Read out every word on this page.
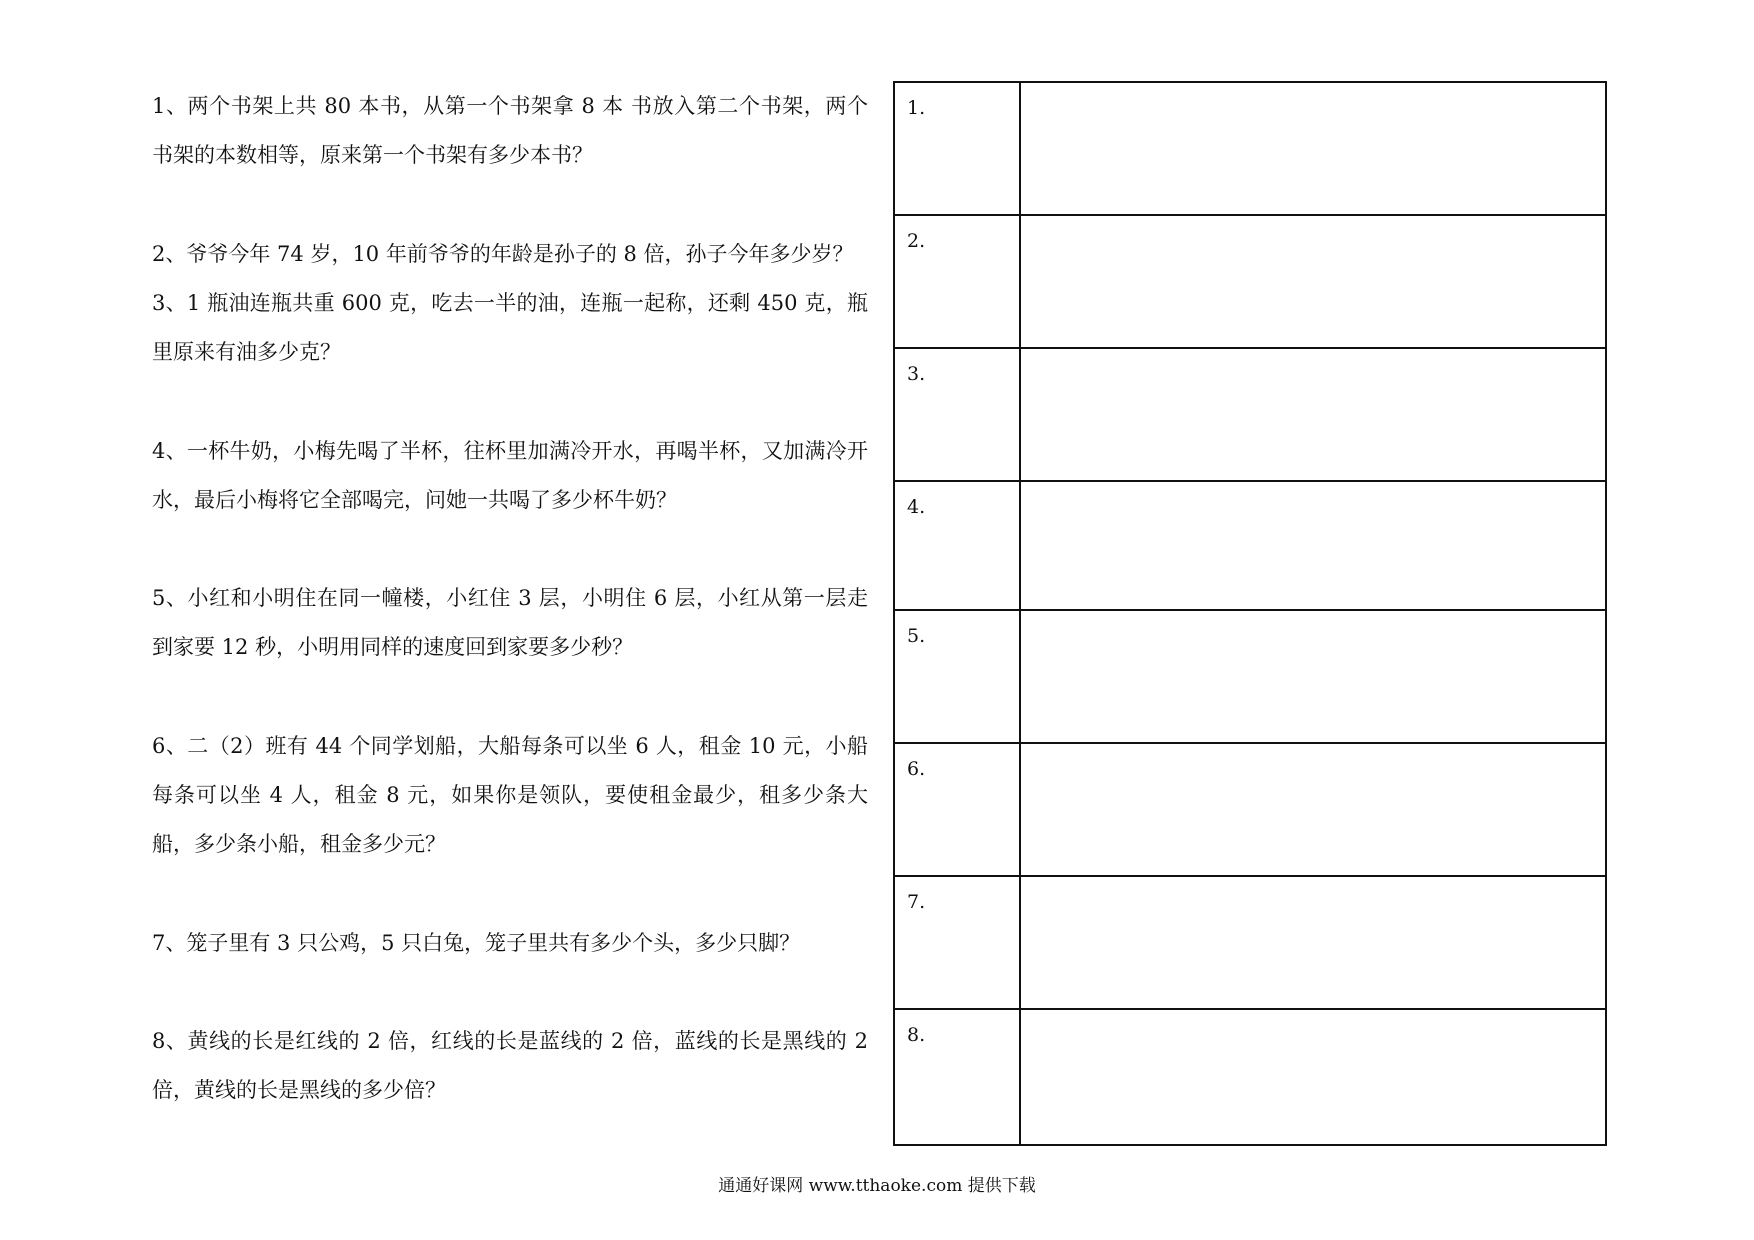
1、两个书架上共 80 本书，从第一个书架拿 8 本 书放入第二个书架，两个书架的本数相等，原来第一个书架有多少本书？

2、爷爷今年 74 岁，10 年前爷爷的年龄是孙子的 8 倍，孙子今年多少岁？

3、1 瓶油连瓶共重 600 克，吃去一半的油，连瓶一起称，还剩 450 克，瓶里原来有油多少克？

4、一杯牛奶，小梅先喝了半杯，往杯里加满冷开水，再喝半杯，又加满冷开水，最后小梅将它全部喝完，问她一共喝了多少杯牛奶？

5、小红和小明住在同一幢楼，小红住 3 层，小明住 6 层，小红从第一层走到家要 12 秒，小明用同样的速度回到家要多少秒？

6、二（2）班有 44 个同学划船，大船每条可以坐 6 人，租金 10 元，小船每条可以坐 4 人，租金 8 元，如果你是领队，要使租金最少，租多少条大船，多少条小船，租金多少元？

7、笼子里有 3 只公鸡，5 只白兔，笼子里共有多少个头，多少只脚？

8、黄线的长是红线的 2 倍，红线的长是蓝线的 2 倍，蓝线的长是黑线的 2 倍，黄线的长是黑线的多少倍？

1.	

2.	

3.	

4.	

5.	

6.	

7.	

8.	

通通好课网 www.tthaoke.com 提供下载
